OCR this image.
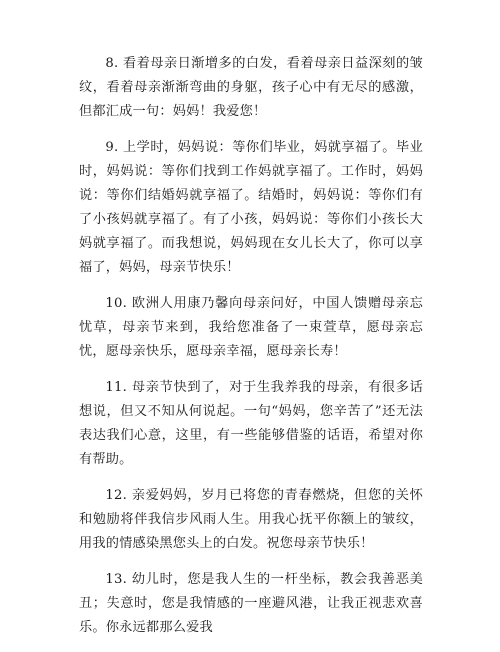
8. 看着母亲日渐增多的白发，看着母亲日益深刻的皱纹，看着母亲渐渐弯曲的身躯，孩子心中有无尽的感激，但都汇成一句：妈妈！我爱您！

9. 上学时，妈妈说：等你们毕业，妈就享福了。毕业时，妈妈说：等你们找到工作妈就享福了。工作时，妈妈说：等你们结婚妈就享福了。结婚时，妈妈说：等你们有了小孩妈就享福了。有了小孩，妈妈说：等你们小孩长大妈就享福了。而我想说，妈妈现在女儿长大了，你可以享福了，妈妈，母亲节快乐！

10. 欧洲人用康乃馨向母亲问好，中国人馈赠母亲忘忧草，母亲节来到，我给您准备了一束萱草，愿母亲忘忧，愿母亲快乐，愿母亲幸福，愿母亲长寿！

11. 母亲节快到了，对于生我养我的母亲，有很多话想说，但又不知从何说起。一句“妈妈，您辛苦了”还无法表达我们心意，这里，有一些能够借鉴的话语，希望对你有帮助。

12. 亲爱妈妈，岁月已将您的青春燃烧，但您的关怀和勉励将伴我信步风雨人生。用我心抚平你额上的皱纹，用我的情感染黑您头上的白发。祝您母亲节快乐！

13. 幼儿时，您是我人生的一杆坐标，教会我善恶美丑；失意时，您是我情感的一座避风港，让我正视悲欢喜乐。你永远都那么爱我
